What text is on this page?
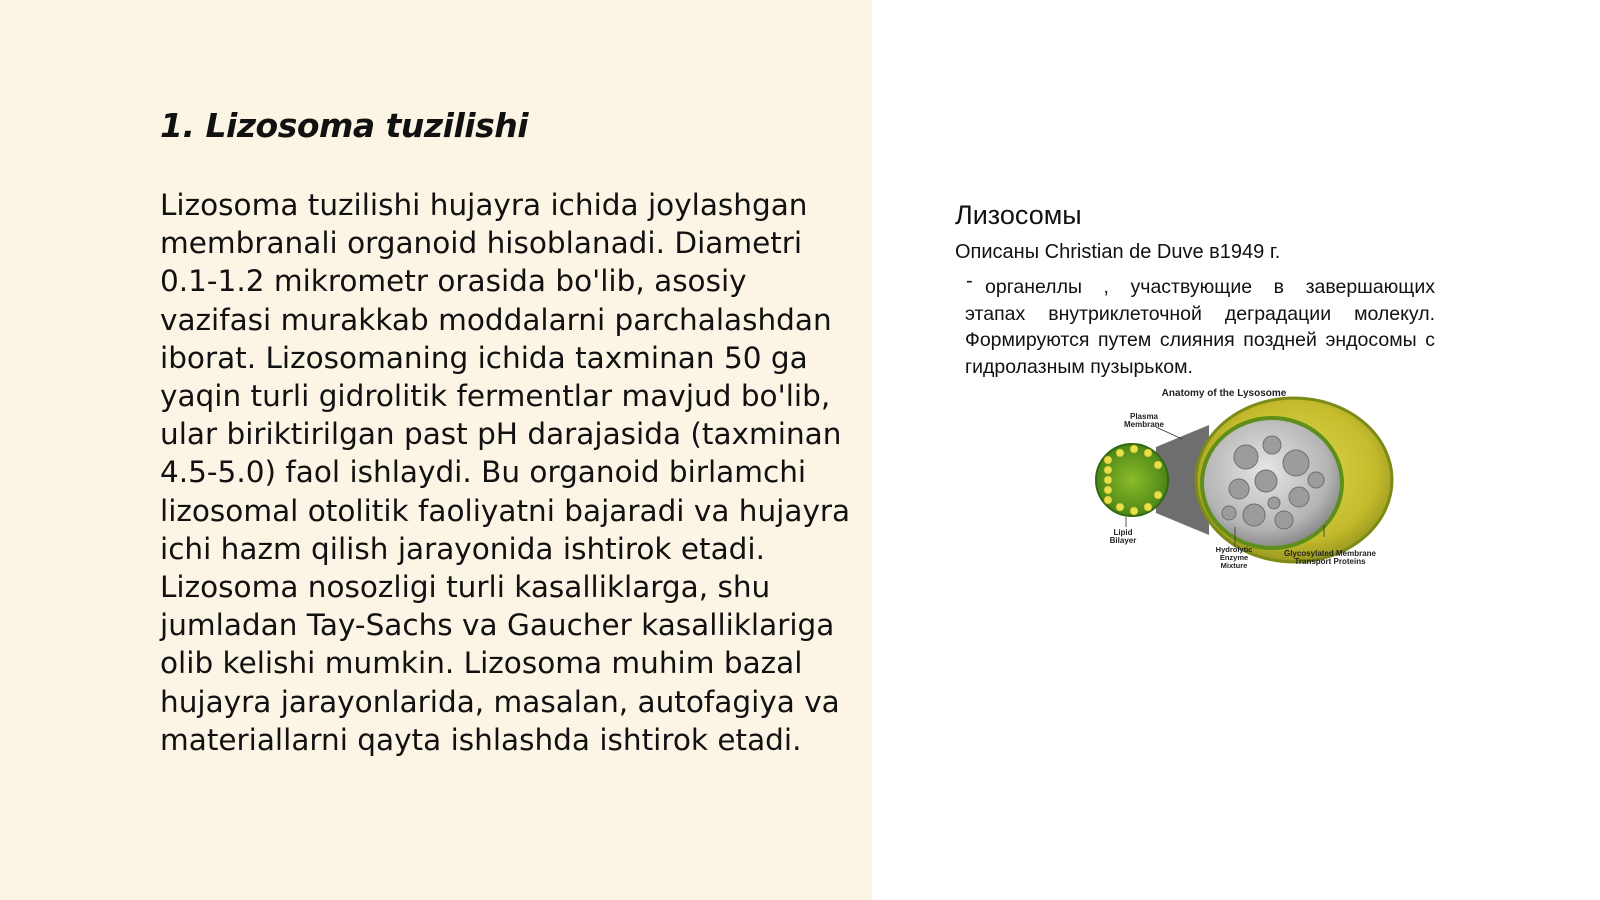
1. Lizosoma tuzilishi

Lizosoma tuzilishi hujayra ichida joylashgan membranali organoid hisoblanadi. Diametri 0.1-1.2 mikrometr orasida bo'lib, asosiy vazifasi murakkab moddalarni parchalashdan iborat. Lizosomaning ichida taxminan 50 ga yaqin turli gidrolitik fermentlar mavjud bo'lib, ular biriktirilgan past pH darajasida (taxminan 4.5-5.0) faol ishlaydi. Bu organoid birlamchi lizosomal otolitik faoliyatni bajaradi va hujayra ichi hazm qilish jarayonida ishtirok etadi. Lizosoma nosozligi turli kasalliklarga, shu jumladan Tay-Sachs va Gaucher kasalliklariga olib kelishi mumkin. Lizosoma muhim bazal hujayra jarayonlarida, masalan, autofagiya va materiallarni qayta ishlashda ishtirok etadi.

Лизосомы
Описаны Christian de Duve в1949 г.
- органеллы , участвующие в завершающих этапах внутриклеточной деградации молекул. Формируются путем слияния поздней эндосомы с гидролазным пузырьком.

Anatomy of the Lysosome
Plasma
Membrane
Lipid
Bilayer
Hydrolytic
Enzyme
Mixture
Glycosylated Membrane
Transport Proteins
